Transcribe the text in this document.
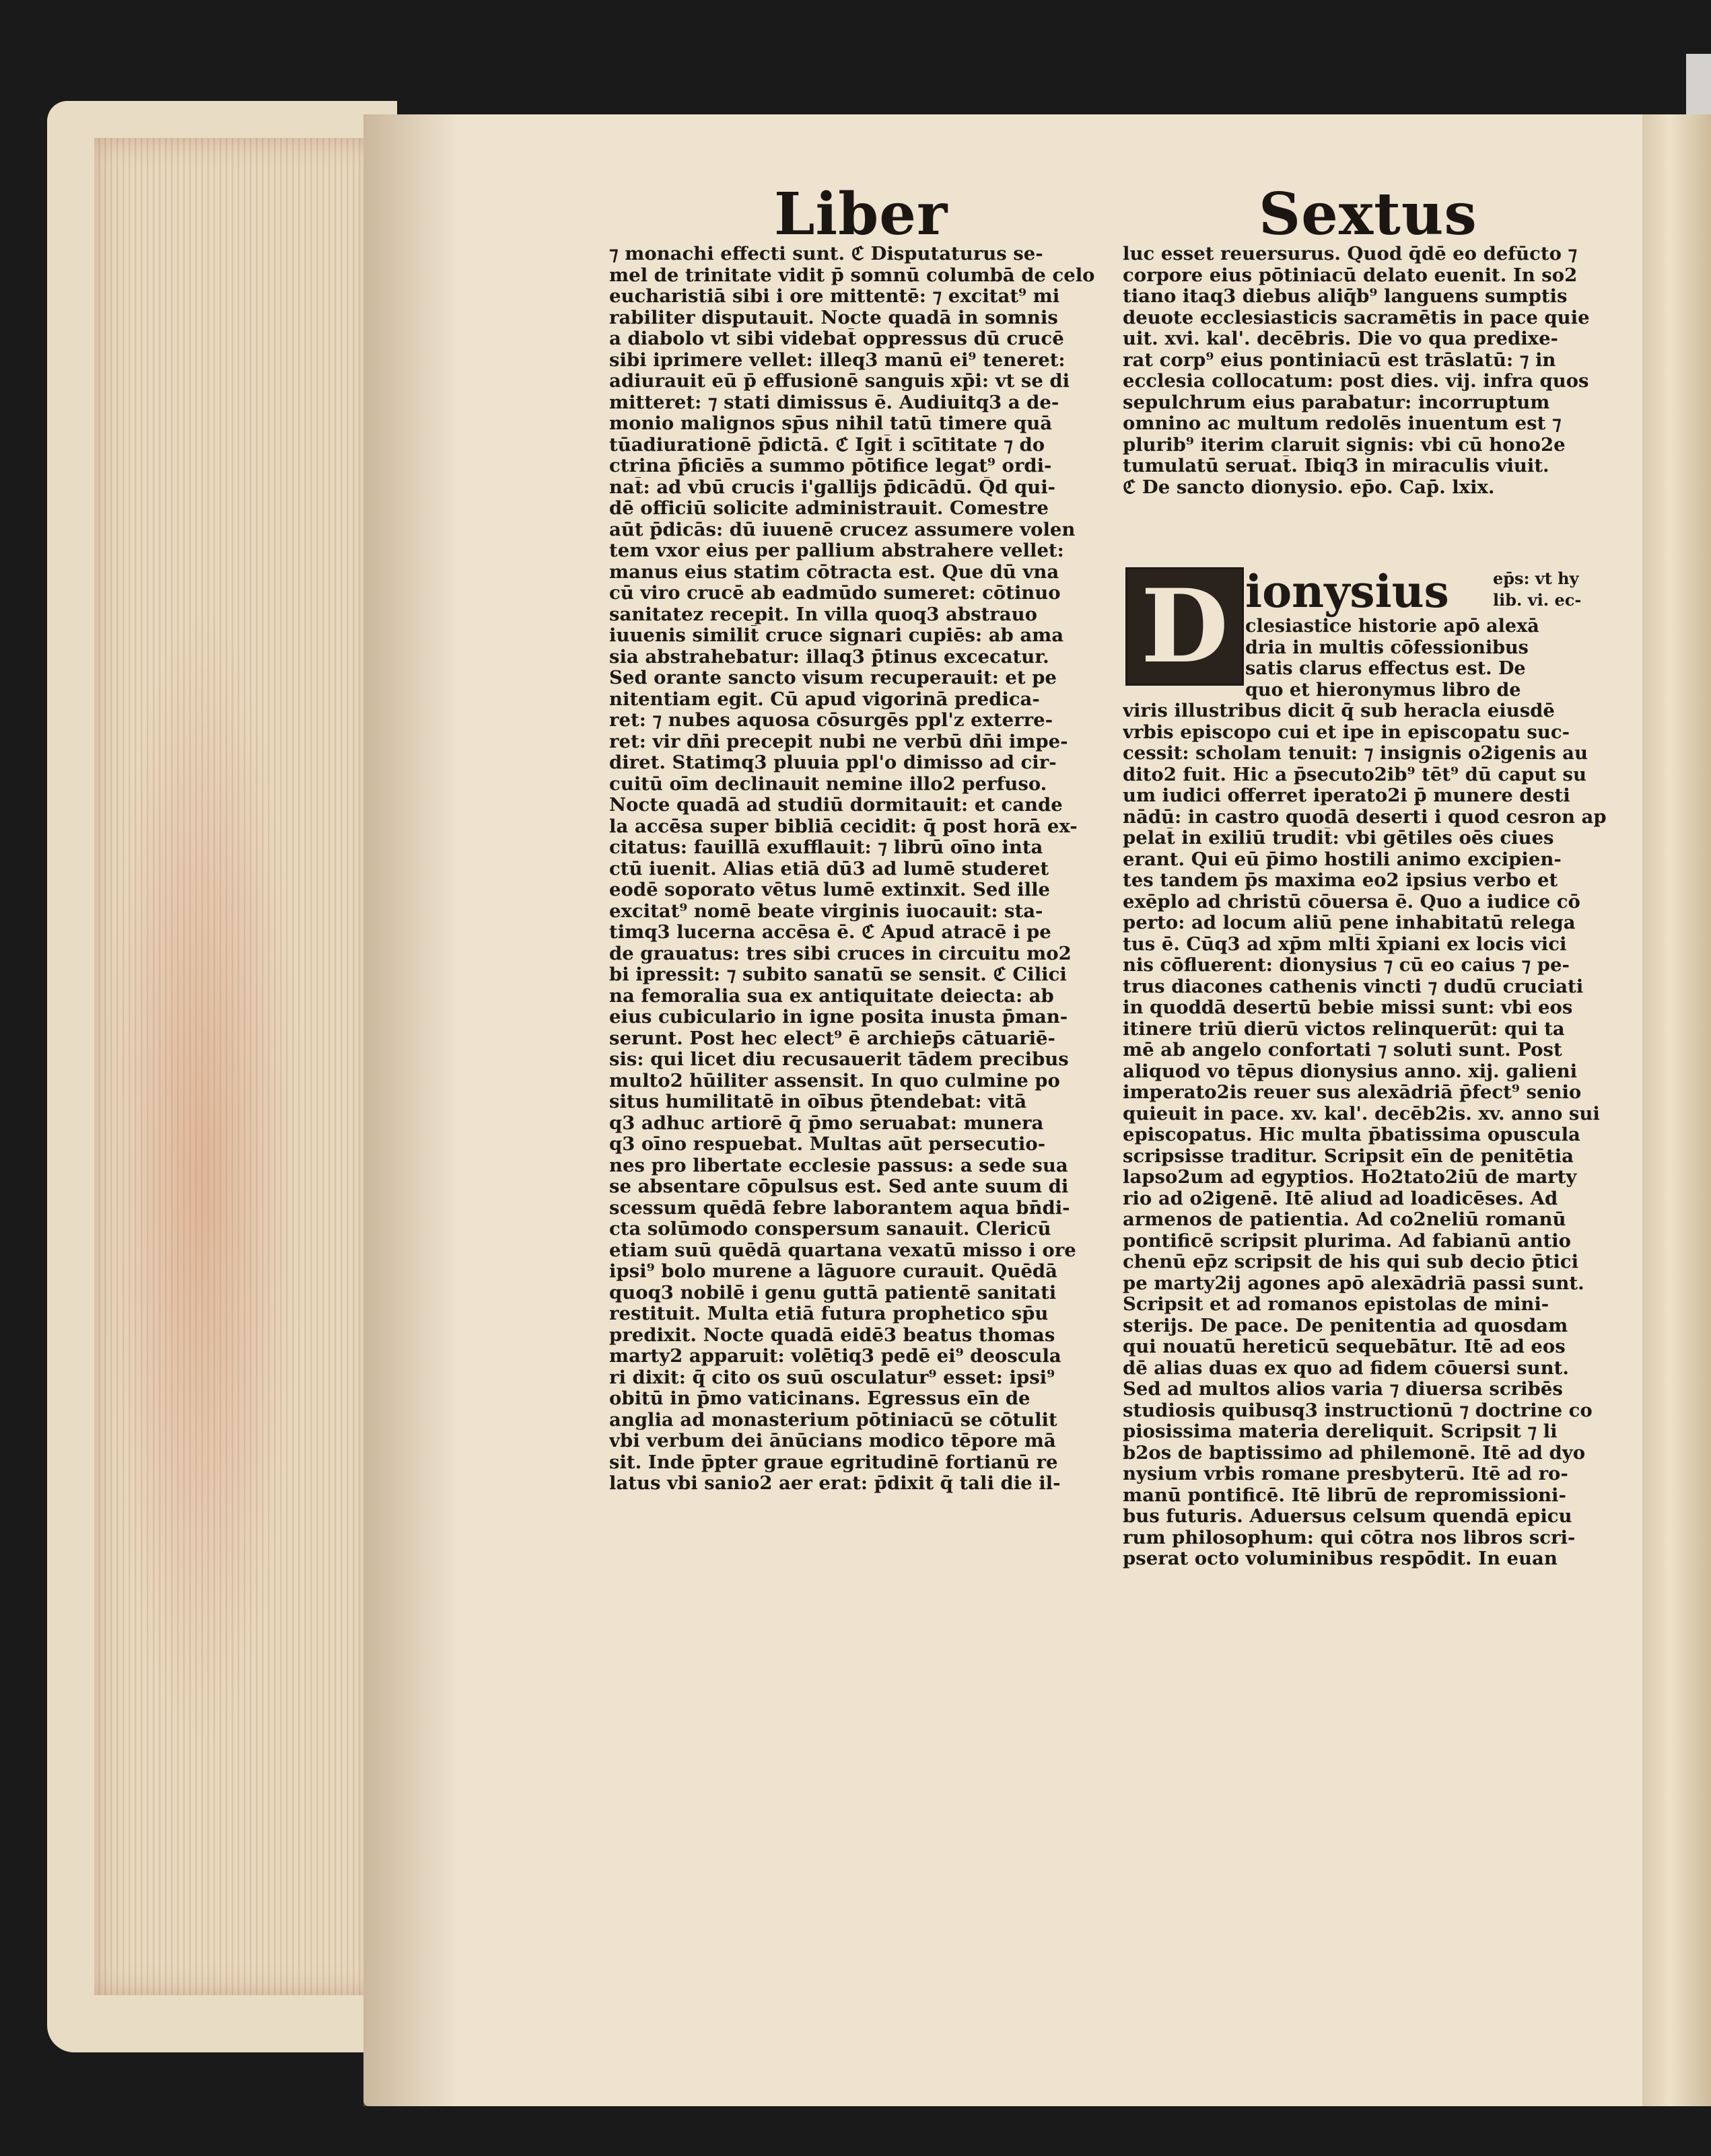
Liber	Sextus
⁊ monachi effecti sunt. ℭ Disputaturus se-
mel de trinitate vidit p̄ somnū columbā de celo
eucharistiā sibi i ore mittentē: ⁊ excitat⁹ mi
rabiliter disputauit. Nocte quadā in somnis
a diabolo vt sibi videbat̄ oppressus dū crucē
sibi iprimere vellet: illeq3 manū ei⁹ teneret:
adiurauit eū p̄ effusionē sanguis xp̄i: vt se di
mitteret: ⁊ stati dimissus ē. Audiuitq3 a de-
monio malignos sp̄us nihil tatū timere quā
tūadiurationē p̄dictā. ℭ Igit̄ i scītitate ⁊ do
ctrina p̄ficiēs a summo pōtifice legat⁹ ordi-
nat̄: ad vbū crucis i'gallijs p̄dicādū. Q̄d qui-
dē officiū solicite administrauit. Comestre
aūt p̄dicās: dū iuuenē crucez assumere volen
tem vxor eius per pallium abstrahere vellet:
manus eius statim cōtracta est. Que dū vna
cū viro crucē ab eadmūdo sumeret: cōtinuo
sanitatez recepit. In villa quoq3 abstrauo
iuuenis similit̄ cruce signari cupiēs: ab ama
sia abstrahebatur: illaq3 p̄tinus excecatur.
Sed orante sancto visum recuperauit: et pe
nitentiam egit. Cū apud vigorinā predica-
ret: ⁊ nubes aquosa cōsurgēs ppl'z exterre-
ret: vir dn̄i precepit nubi ne verbū dn̄i impe-
diret. Statimq3 pluuia ppl'o dimisso ad cir-
cuitū oīm declinauit nemine illo2 perfuso.
Nocte quadā ad studiū dormitauit: et cande
la accēsa super bibliā cecidit: q̄ post horā ex-
citatus: fauillā exufflauit: ⁊ librū oīno inta
ctū iuenit. Alias etiā dū3 ad lumē studeret
eodē soporato vētus lumē extinxit. Sed ille
excitat⁹ nomē beate virginis iuocauit: sta-
timq3 lucerna accēsa ē. ℭ Apud atracē i pe
de grauatus: tres sibi cruces in circuitu mo2
bi ipressit: ⁊ subito sanatū se sensit. ℭ Cilici
na femoralia sua ex antiquitate deiecta: ab
eius cubiculario in igne posita inusta p̄man-
serunt. Post hec elect⁹ ē archiep̄s cātuariē-
sis: qui licet diu recusauerit tādem precibus
multo2 hūiliter assensit. In quo culmine po
situs humilitatē in oībus p̄tendebat: vitā
q3 adhuc artiorē q̄ p̄mo seruabat: munera
q3 oīno respuebat. Multas aūt persecutio-
nes pro libertate ecclesie passus: a sede sua
se absentare cōpulsus est. Sed ante suum di
scessum quēdā febre laborantem aqua bn̄di-
cta solūmodo conspersum sanauit. Clericū
etiam suū quēdā quartana vexatū misso i ore
ipsi⁹ bolo murene a lāguore curauit. Quēdā
quoq3 nobilē i genu guttā patientē sanitati
restituit. Multa etiā futura prophetico sp̄u
predixit. Nocte quadā eidē3 beatus thomas
marty2 apparuit: volētiq3 pedē ei⁹ deoscula
ri dixit: q̄ cito os suū osculatur⁹ esset: ipsi⁹
obitū in p̄mo vaticinans. Egressus eīn de
anglia ad monasterium pōtiniacū se cōtulit
vbi verbum dei ānūcians modico tēpore mā
sit. Inde p̄pter graue egritudinē fortianū re
latus vbi sanio2 aer erat: p̄dixit q̄ tali die il-
luc esset reuersurus. Quod q̄dē eo defūcto ⁊
corpore eius pōtiniacū delato euenit. In so2
tiano itaq3 diebus aliq̄b⁹ languens sumptis
deuote ecclesiasticis sacramētis in pace quie
uit. xvi. kal'. decēbris. Die vo qua predixe-
rat corp⁹ eius pontiniacū est trāslatū: ⁊ in
ecclesia collocatum: post dies. vij. infra quos
sepulchrum eius parabatur: incorruptum
omnino ac multum redolēs inuentum est ⁊
plurib⁹ iterim claruit signis: vbi cū hono2e
tumulatū seruat̄. Ibiq3 in miraculis viuit.
ℭ De sancto dionysio. ep̄o. Cap̄. lxix.
D ionysius	ep̄s: vt hy
lib. vi. ec-
clesiastice historie apō alexā
dria in multis cōfessionibus
satis clarus effectus est. De
quo et hieronymus libro de
viris illustribus dicit q̄ sub heracla eiusdē
vrbis episcopo cui et ipe in episcopatu suc-
cessit: scholam tenuit: ⁊ insignis o2igenis au
dito2 fuit. Hic a p̄secuto2ib⁹ tēt⁹ dū caput su
um iudici offerret iperato2i p̄ munere desti
nādū: in castro quodā deserti i quod cesron ap
pelat̄ in exiliū trudit̄: vbi gētiles oēs ciues
erant. Qui eū p̄imo hostili animo excipien-
tes tandem p̄s maxima eo2 ipsius verbo et
exēplo ad christū cōuersa ē. Quo a iudice cō
perto: ad locum aliū pene inhabitatū relega
tus ē. Cūq3 ad xp̄m mlt̄i x̄piani ex locis vici
nis cōfluerent: dionysius ⁊ cū eo caius ⁊ pe-
trus diacones cathenis vincti ⁊ dudū cruciati
in quoddā desertū bebie missi sunt: vbi eos
itinere triū dierū victos relinquerūt: qui ta
mē ab angelo confortati ⁊ soluti sunt. Post
aliquod vo tēpus dionysius anno. xij. galieni
imperato2is reuer sus alexādriā p̄fect⁹ senio
quieuit in pace. xv. kal'. decēb2is. xv. anno sui
episcopatus. Hic multa p̄batissima opuscula
scripsisse traditur. Scripsit eīn de penitētia
lapso2um ad egyptios. Ho2tato2iū de marty
rio ad o2igenē. Itē aliud ad loadicēses. Ad
armenos de patientia. Ad co2neliū romanū
pontificē scripsit plurima. Ad fabianū antio
chenū ep̄z scripsit de his qui sub decio p̄tici
pe marty2ij agones apō alexādriā passi sunt.
Scripsit et ad romanos epistolas de mini-
sterijs. De pace. De penitentia ad quosdam
qui nouatū hereticū sequebātur. Itē ad eos
dē alias duas ex quo ad fidem cōuersi sunt.
Sed ad multos alios varia ⁊ diuersa scribēs
studiosis quibusq3 instructionū ⁊ doctrine co
piosissima materia dereliquit. Scripsit ⁊ li
b2os de baptissimo ad philemonē. Itē ad dyo
nysium vrbis romane presbyterū. Itē ad ro-
manū pontificē. Itē librū de repromissioni-
bus futuris. Aduersus celsum quendā epicu
rum philosophum: qui cōtra nos libros scri-
pserat octo voluminibus respōdit. In euan
